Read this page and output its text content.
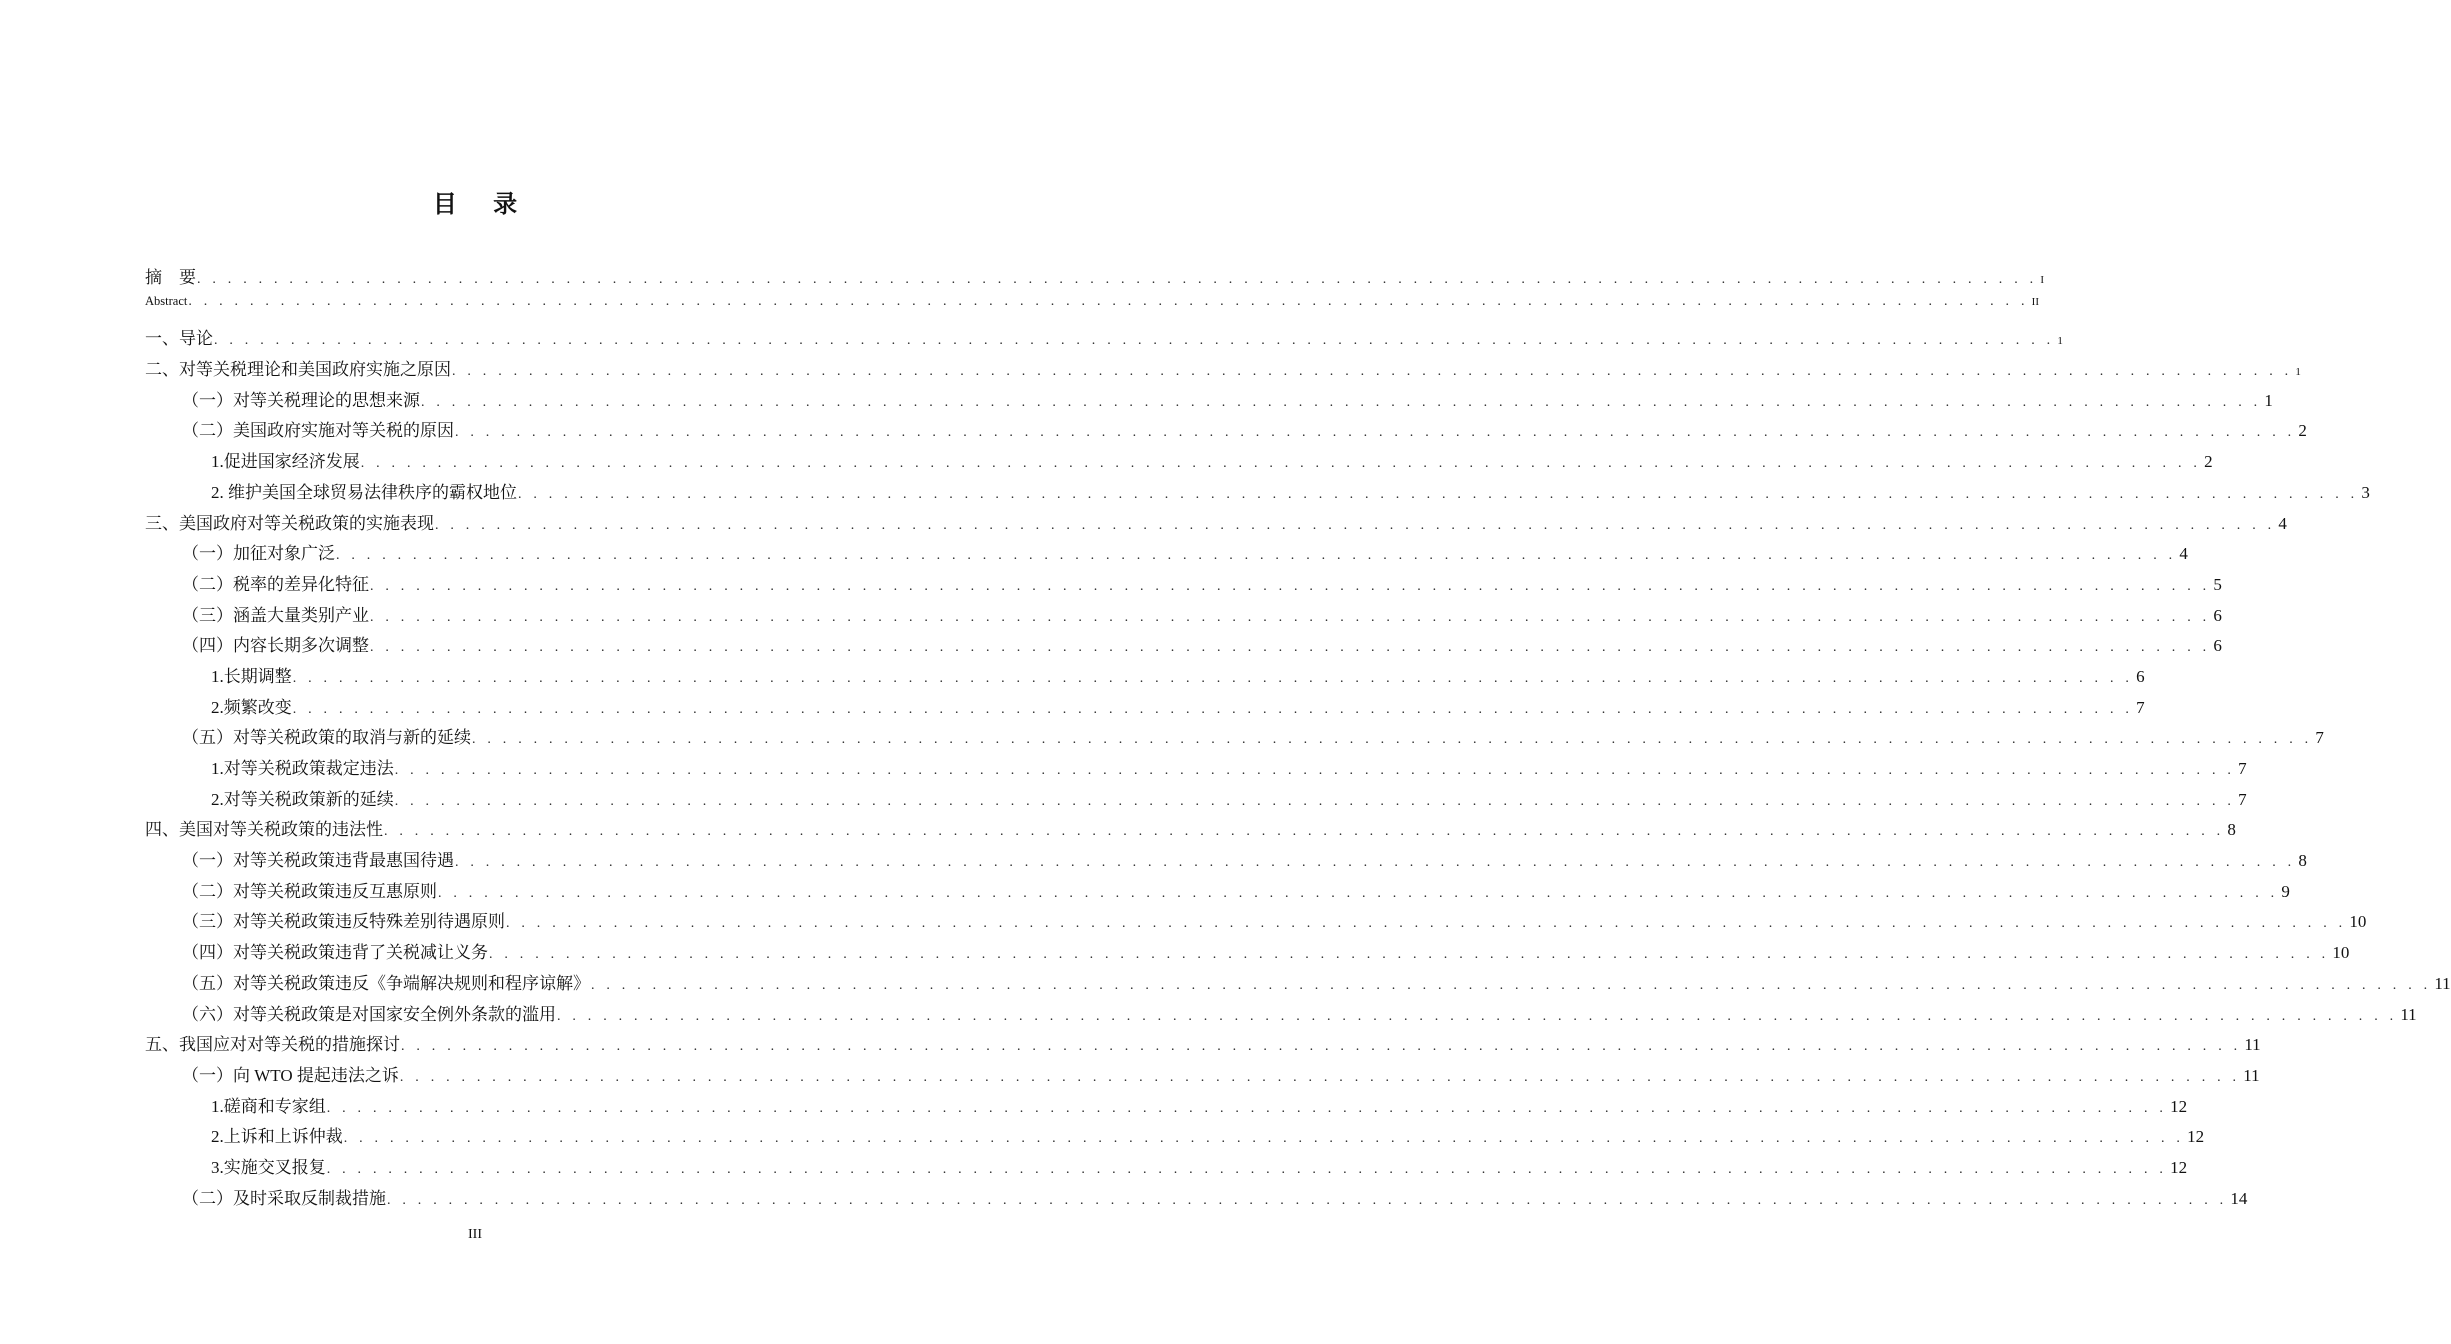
目 录
摘　要 . . . . . . . . . . . . . . . . . . . . . . . . . . . . . . . . . . . . . . . . . . . . . . . . . . . . . . . . . . . . . . . . . . . . . . . . . . . . . . . . . . . . . . . . . . . . . . . . . . . . . . . . . . . . . . . . . . . . . . . . I
Abstract . . . . . . . . . . . . . . . . . . . . . . . . . . . . . . . . . . . . . . . . . . . . . . . . . . . . . . . . . . . . . . . . . . . . . . . . . . . . . . . . . . . . . . . . . . . . . . . . . . . . . . . . . . . . . . . . . . . . . . . . II
一、导论 . . . . . . . . . . . . . . . . . . . . . . . . . . . . . . . . . . . . . . . . . . . . . . . . . . . . . . . . . . . . . . . . . . . . . . . . . . . . . . . . . . . . . . . . . . . . . . . . . . . . . . . . . . . . . . . . . . . . . . . . 1
二、对等关税理论和美国政府实施之原因 . . . . . . . . . . . . . . . . . . . . . . . . . . . . . . . . . . . . . . . . . . . . . . . . . . . . . . . . . . . . . . . . . . . . . . . . . . . . . . . . . . . . . . . . . . . . . . . . . . . . . . . . . . . . . . . . . . . . . . . . 1
（一）对等关税理论的思想来源 . . . . . . . . . . . . . . . . . . . . . . . . . . . . . . . . . . . . . . . . . . . . . . . . . . . . . . . . . . . . . . . . . . . . . . . . . . . . . . . . . . . . . . . . . . . . . . . . . . . . . . . . . . . . . . . . . . . . . . . . 1
（二）美国政府实施对等关税的原因 . . . . . . . . . . . . . . . . . . . . . . . . . . . . . . . . . . . . . . . . . . . . . . . . . . . . . . . . . . . . . . . . . . . . . . . . . . . . . . . . . . . . . . . . . . . . . . . . . . . . . . . . . . . . . . . . . . . . . . . . 2
1.促进国家经济发展 . . . . . . . . . . . . . . . . . . . . . . . . . . . . . . . . . . . . . . . . . . . . . . . . . . . . . . . . . . . . . . . . . . . . . . . . . . . . . . . . . . . . . . . . . . . . . . . . . . . . . . . . . . . . . . . . . . . . . . . . 2
2. 维护美国全球贸易法律秩序的霸权地位 . . . . . . . . . . . . . . . . . . . . . . . . . . . . . . . . . . . . . . . . . . . . . . . . . . . . . . . . . . . . . . . . . . . . . . . . . . . . . . . . . . . . . . . . . . . . . . . . . . . . . . . . . . . . . . . . . . . . . . . . 3
三、美国政府对等关税政策的实施表现 . . . . . . . . . . . . . . . . . . . . . . . . . . . . . . . . . . . . . . . . . . . . . . . . . . . . . . . . . . . . . . . . . . . . . . . . . . . . . . . . . . . . . . . . . . . . . . . . . . . . . . . . . . . . . . . . . . . . . . . . 4
（一）加征对象广泛 . . . . . . . . . . . . . . . . . . . . . . . . . . . . . . . . . . . . . . . . . . . . . . . . . . . . . . . . . . . . . . . . . . . . . . . . . . . . . . . . . . . . . . . . . . . . . . . . . . . . . . . . . . . . . . . . . . . . . . . . 4
（二）税率的差异化特征 . . . . . . . . . . . . . . . . . . . . . . . . . . . . . . . . . . . . . . . . . . . . . . . . . . . . . . . . . . . . . . . . . . . . . . . . . . . . . . . . . . . . . . . . . . . . . . . . . . . . . . . . . . . . . . . . . . . . . . . . 5
（三）涵盖大量类别产业 . . . . . . . . . . . . . . . . . . . . . . . . . . . . . . . . . . . . . . . . . . . . . . . . . . . . . . . . . . . . . . . . . . . . . . . . . . . . . . . . . . . . . . . . . . . . . . . . . . . . . . . . . . . . . . . . . . . . . . . . 6
（四）内容长期多次调整 . . . . . . . . . . . . . . . . . . . . . . . . . . . . . . . . . . . . . . . . . . . . . . . . . . . . . . . . . . . . . . . . . . . . . . . . . . . . . . . . . . . . . . . . . . . . . . . . . . . . . . . . . . . . . . . . . . . . . . . . 6
1.长期调整 . . . . . . . . . . . . . . . . . . . . . . . . . . . . . . . . . . . . . . . . . . . . . . . . . . . . . . . . . . . . . . . . . . . . . . . . . . . . . . . . . . . . . . . . . . . . . . . . . . . . . . . . . . . . . . . . . . . . . . . . 6
2.频繁改变 . . . . . . . . . . . . . . . . . . . . . . . . . . . . . . . . . . . . . . . . . . . . . . . . . . . . . . . . . . . . . . . . . . . . . . . . . . . . . . . . . . . . . . . . . . . . . . . . . . . . . . . . . . . . . . . . . . . . . . . . 7
（五）对等关税政策的取消与新的延续 . . . . . . . . . . . . . . . . . . . . . . . . . . . . . . . . . . . . . . . . . . . . . . . . . . . . . . . . . . . . . . . . . . . . . . . . . . . . . . . . . . . . . . . . . . . . . . . . . . . . . . . . . . . . . . . . . . . . . . . . 7
1.对等关税政策裁定违法 . . . . . . . . . . . . . . . . . . . . . . . . . . . . . . . . . . . . . . . . . . . . . . . . . . . . . . . . . . . . . . . . . . . . . . . . . . . . . . . . . . . . . . . . . . . . . . . . . . . . . . . . . . . . . . . . . . . . . . . . 7
2.对等关税政策新的延续 . . . . . . . . . . . . . . . . . . . . . . . . . . . . . . . . . . . . . . . . . . . . . . . . . . . . . . . . . . . . . . . . . . . . . . . . . . . . . . . . . . . . . . . . . . . . . . . . . . . . . . . . . . . . . . . . . . . . . . . . 7
四、美国对等关税政策的违法性 . . . . . . . . . . . . . . . . . . . . . . . . . . . . . . . . . . . . . . . . . . . . . . . . . . . . . . . . . . . . . . . . . . . . . . . . . . . . . . . . . . . . . . . . . . . . . . . . . . . . . . . . . . . . . . . . . . . . . . . . 8
（一）对等关税政策违背最惠国待遇 . . . . . . . . . . . . . . . . . . . . . . . . . . . . . . . . . . . . . . . . . . . . . . . . . . . . . . . . . . . . . . . . . . . . . . . . . . . . . . . . . . . . . . . . . . . . . . . . . . . . . . . . . . . . . . . . . . . . . . . . 8
（二）对等关税政策违反互惠原则 . . . . . . . . . . . . . . . . . . . . . . . . . . . . . . . . . . . . . . . . . . . . . . . . . . . . . . . . . . . . . . . . . . . . . . . . . . . . . . . . . . . . . . . . . . . . . . . . . . . . . . . . . . . . . . . . . . . . . . . . 9
（三）对等关税政策违反特殊差别待遇原则 . . . . . . . . . . . . . . . . . . . . . . . . . . . . . . . . . . . . . . . . . . . . . . . . . . . . . . . . . . . . . . . . . . . . . . . . . . . . . . . . . . . . . . . . . . . . . . . . . . . . . . . . . . . . . . . . . . . . . . . . 10
（四）对等关税政策违背了关税减让义务 . . . . . . . . . . . . . . . . . . . . . . . . . . . . . . . . . . . . . . . . . . . . . . . . . . . . . . . . . . . . . . . . . . . . . . . . . . . . . . . . . . . . . . . . . . . . . . . . . . . . . . . . . . . . . . . . . . . . . . . . 10
（五）对等关税政策违反《争端解决规则和程序谅解》 . . . . . . . . . . . . . . . . . . . . . . . . . . . . . . . . . . . . . . . . . . . . . . . . . . . . . . . . . . . . . . . . . . . . . . . . . . . . . . . . . . . . . . . . . . . . . . . . . . . . . . . . . . . . . . . . . . . . . . . . 11
（六）对等关税政策是对国家安全例外条款的滥用 . . . . . . . . . . . . . . . . . . . . . . . . . . . . . . . . . . . . . . . . . . . . . . . . . . . . . . . . . . . . . . . . . . . . . . . . . . . . . . . . . . . . . . . . . . . . . . . . . . . . . . . . . . . . . . . . . . . . . . . . 11
五、我国应对对等关税的措施探讨 . . . . . . . . . . . . . . . . . . . . . . . . . . . . . . . . . . . . . . . . . . . . . . . . . . . . . . . . . . . . . . . . . . . . . . . . . . . . . . . . . . . . . . . . . . . . . . . . . . . . . . . . . . . . . . . . . . . . . . . . 11
（一）向 WTO 提起违法之诉 . . . . . . . . . . . . . . . . . . . . . . . . . . . . . . . . . . . . . . . . . . . . . . . . . . . . . . . . . . . . . . . . . . . . . . . . . . . . . . . . . . . . . . . . . . . . . . . . . . . . . . . . . . . . . . . . . . . . . . . . 11
1.磋商和专家组 . . . . . . . . . . . . . . . . . . . . . . . . . . . . . . . . . . . . . . . . . . . . . . . . . . . . . . . . . . . . . . . . . . . . . . . . . . . . . . . . . . . . . . . . . . . . . . . . . . . . . . . . . . . . . . . . . . . . . . . . 12
2.上诉和上诉仲裁 . . . . . . . . . . . . . . . . . . . . . . . . . . . . . . . . . . . . . . . . . . . . . . . . . . . . . . . . . . . . . . . . . . . . . . . . . . . . . . . . . . . . . . . . . . . . . . . . . . . . . . . . . . . . . . . . . . . . . . . . 12
3.实施交叉报复 . . . . . . . . . . . . . . . . . . . . . . . . . . . . . . . . . . . . . . . . . . . . . . . . . . . . . . . . . . . . . . . . . . . . . . . . . . . . . . . . . . . . . . . . . . . . . . . . . . . . . . . . . . . . . . . . . . . . . . . . 12
（二）及时采取反制裁措施 . . . . . . . . . . . . . . . . . . . . . . . . . . . . . . . . . . . . . . . . . . . . . . . . . . . . . . . . . . . . . . . . . . . . . . . . . . . . . . . . . . . . . . . . . . . . . . . . . . . . . . . . . . . . . . . . . . . . . . . . 14
III
